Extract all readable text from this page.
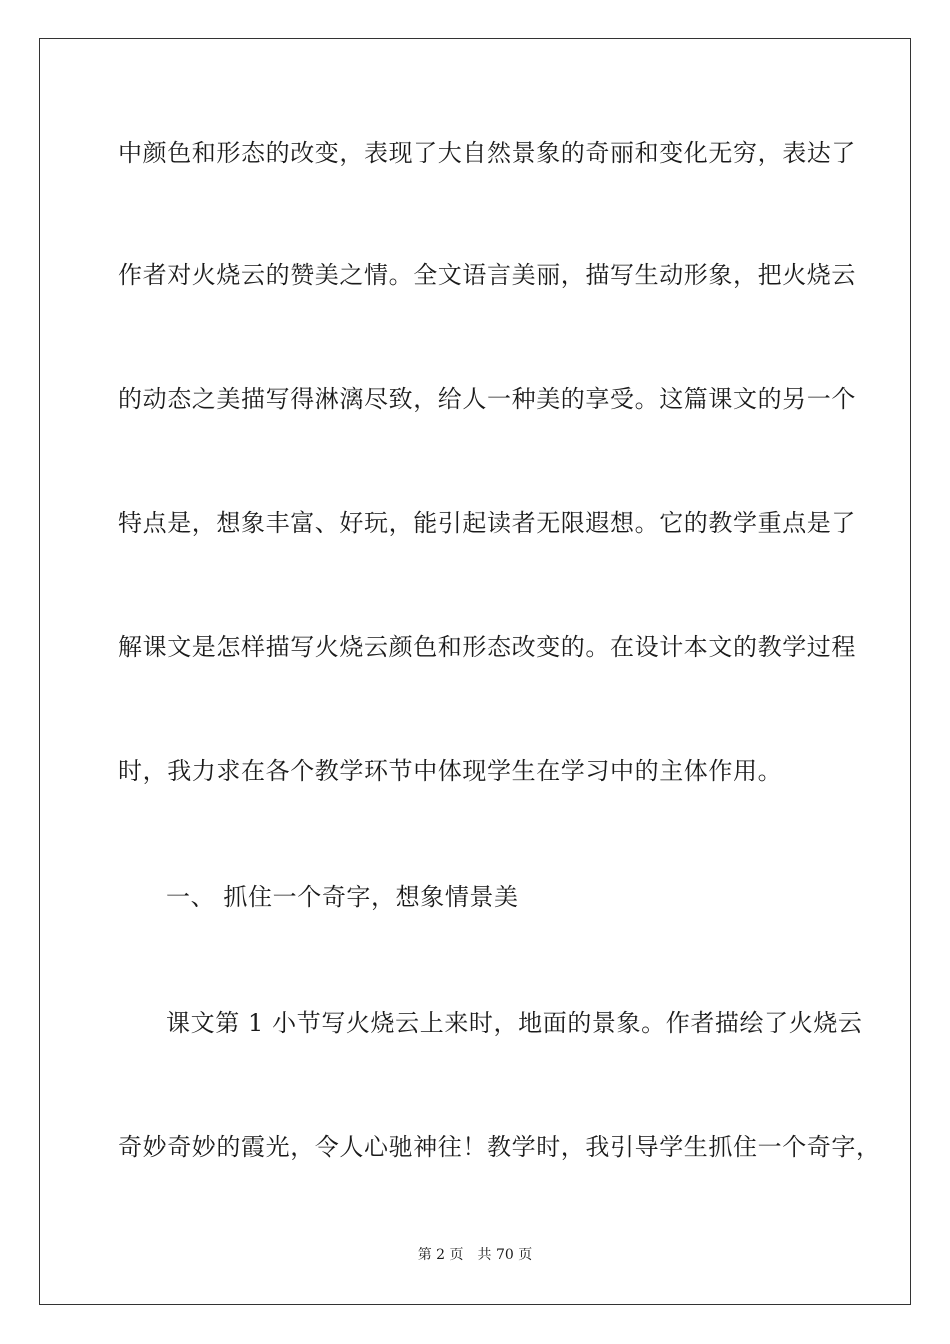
中颜色和形态的改变，表现了大自然景象的奇丽和变化无穷，表达了
作者对火烧云的赞美之情。全文语言美丽，描写生动形象，把火烧云
的动态之美描写得淋漓尽致，给人一种美的享受。这篇课文的另一个
特点是，想象丰富、好玩，能引起读者无限遐想。它的教学重点是了
解课文是怎样描写火烧云颜色和形态改变的。在设计本文的教学过程
时，我力求在各个教学环节中体现学生在学习中的主体作用。
一、 抓住一个奇字，想象情景美
课文第 1 小节写火烧云上来时，地面的景象。作者描绘了火烧云
奇妙奇妙的霞光，令人心驰神往！教学时，我引导学生抓住一个奇字，
第 2 页 共 70 页
